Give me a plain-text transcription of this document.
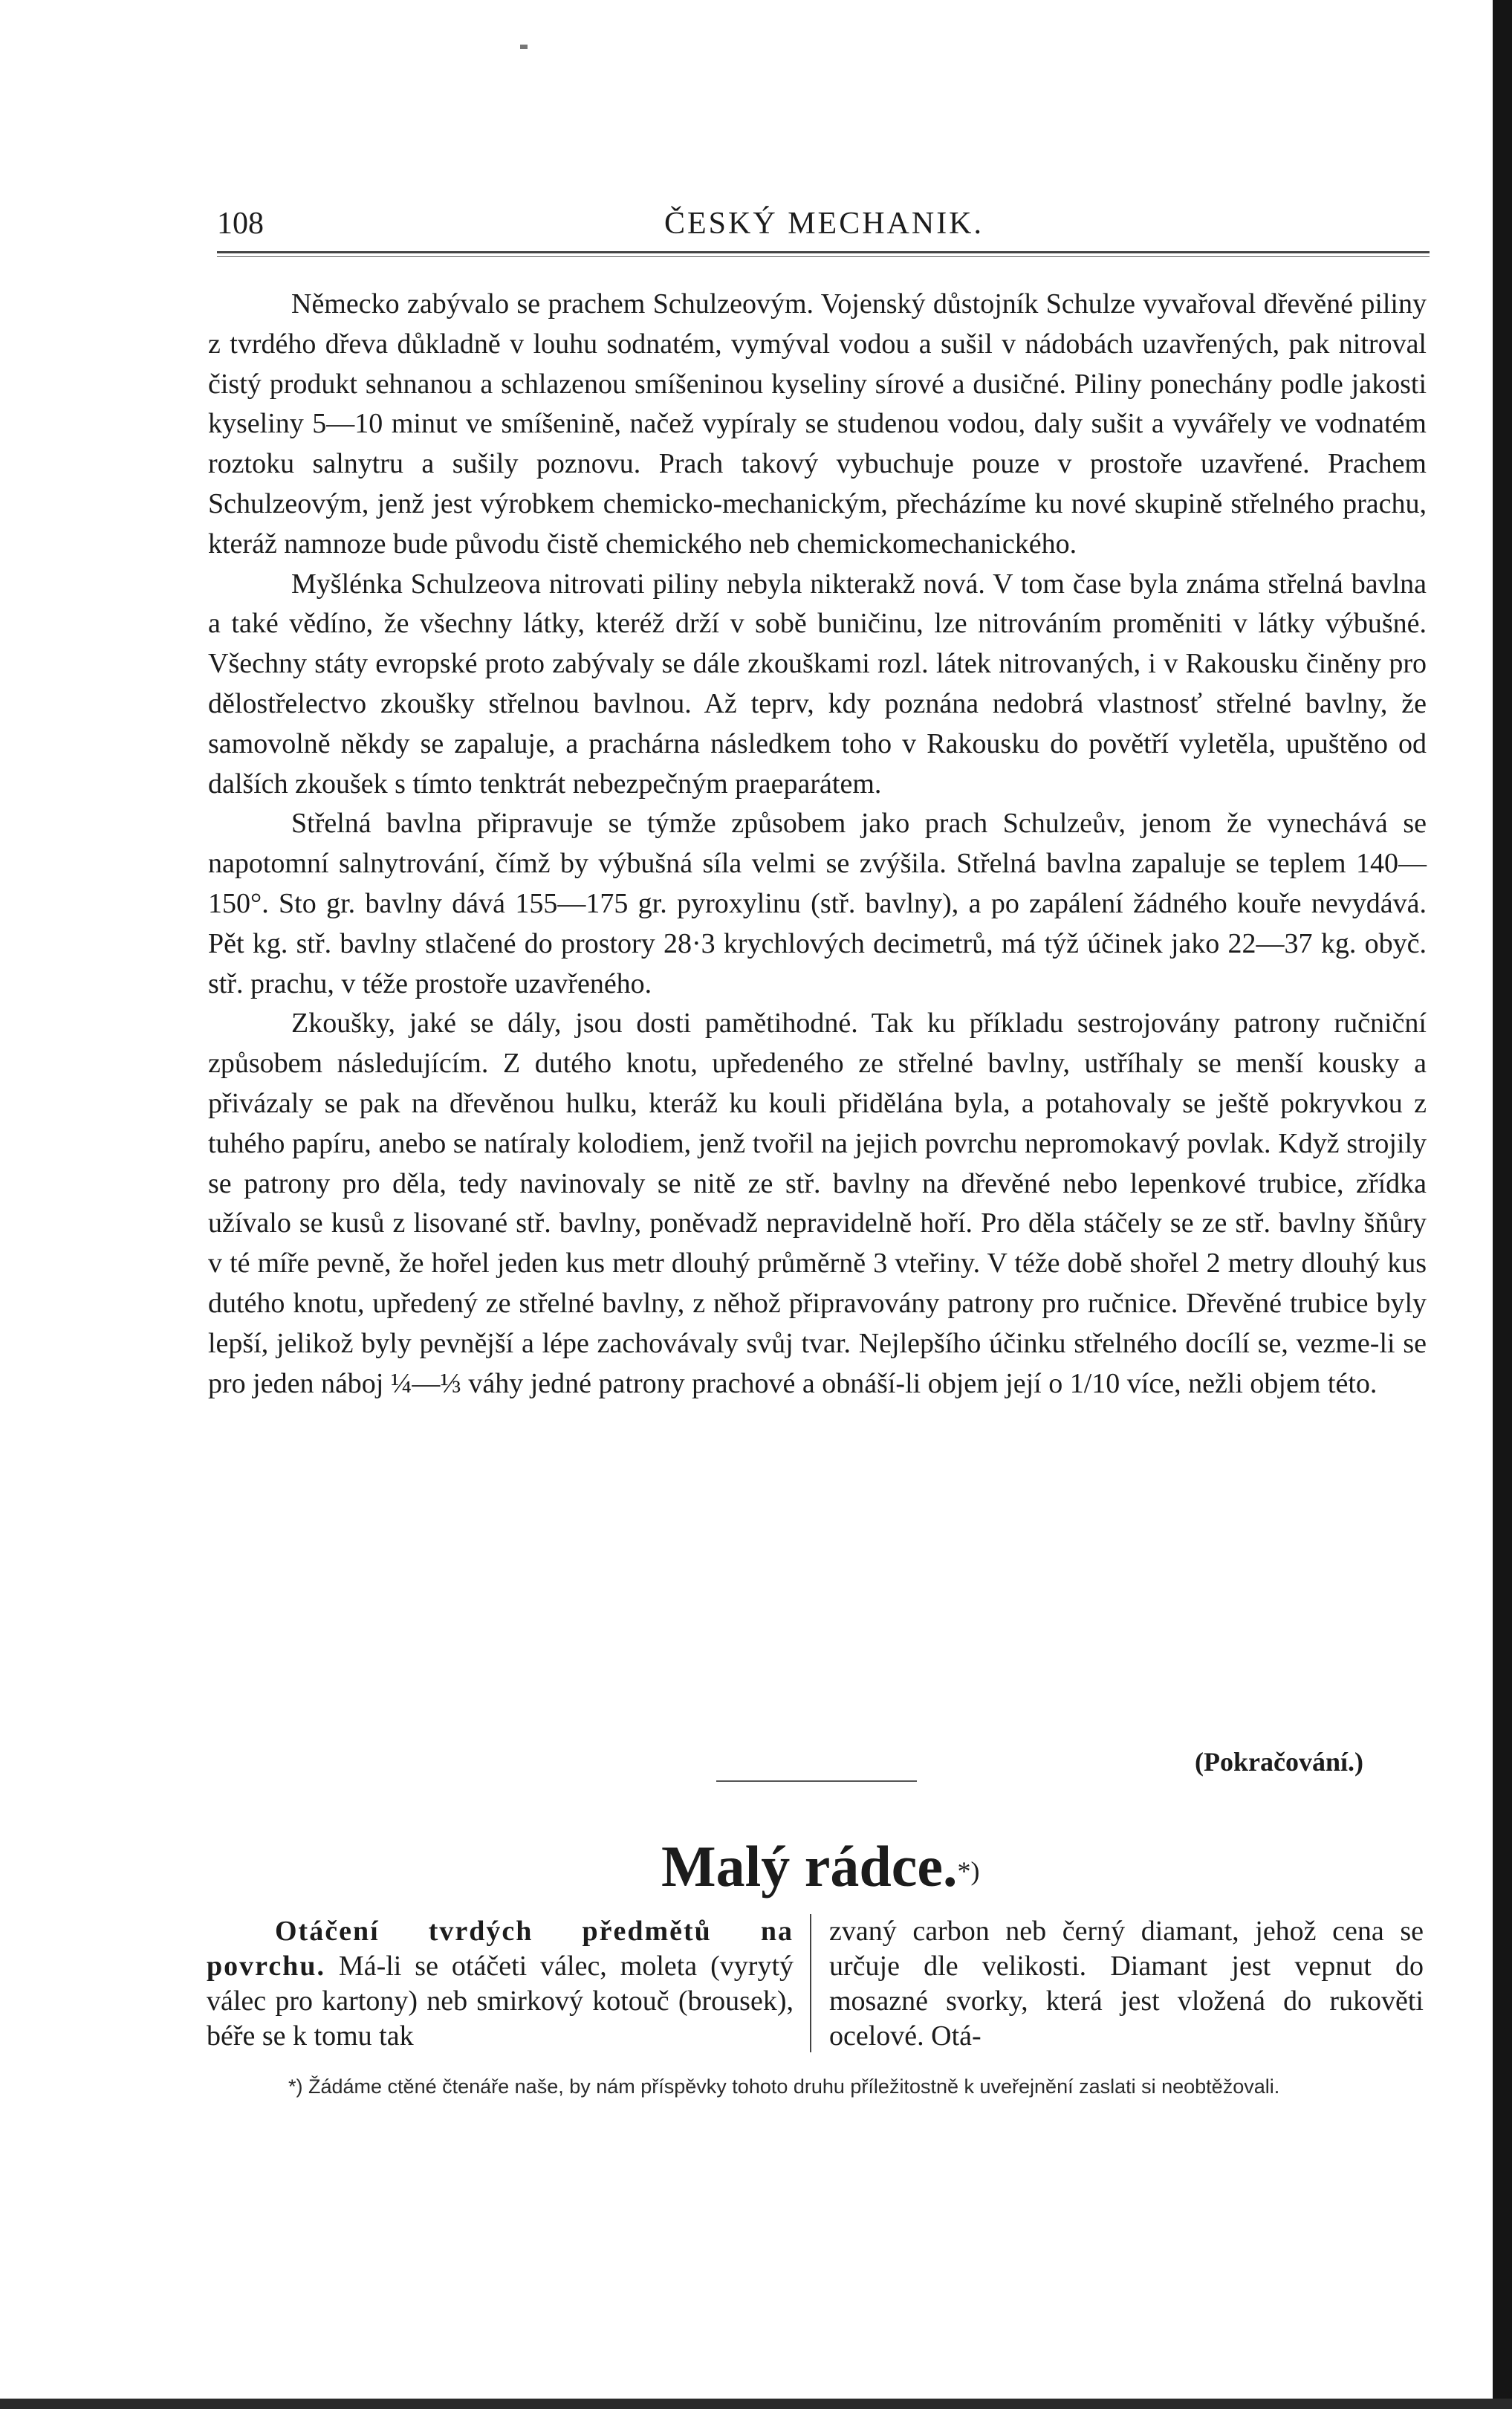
108	ČESKÝ MECHANIK.

Německo zabývalo se prachem Schulzeovým. Vojenský důstojník Schulze vyvařoval dřevěné piliny z tvrdého dřeva důkladně v louhu sodnatém, vymýval vodou a sušil v nádobách uzavřených, pak nitroval čistý produkt sehnanou a schlazenou smíšeninou kyseliny sírové a dusičné. Piliny ponechány podle jakosti kyseliny 5—10 minut ve smíšenině, načež vypíraly se studenou vodou, daly sušit a vyvářely ve vodnatém roztoku salnytru a sušily poznovu. Prach takový vybuchuje pouze v prostoře uzavřené. Prachem Schulzeovým, jenž jest výrobkem chemicko-mechanickým, přecházíme ku nové skupině střelného prachu, kteráž namnoze bude původu čistě chemického neb chemickomechanického.

Myšlénka Schulzeova nitrovati piliny nebyla nikterakž nová. V tom čase byla známa střelná bavlna a také vědíno, že všechny látky, kteréž drží v sobě buničinu, lze nitrováním proměniti v látky výbušné. Všechny státy evropské proto zabývaly se dále zkouškami rozl. látek nitrovaných, i v Rakousku činěny pro dělostřelectvo zkoušky střelnou bavlnou. Až teprv, kdy poznána nedobrá vlastnosť střelné bavlny, že samovolně někdy se zapaluje, a prachárna následkem toho v Rakousku do povětří vyletěla, upuštěno od dalších zkoušek s tímto tenktrát nebezpečným praeparátem.

Střelná bavlna připravuje se týmže způsobem jako prach Schulzeův, jenom že vynechává se napotomní salnytrování, čímž by výbušná síla velmi se zvýšila. Střelná bavlna zapaluje se teplem 140—150°. Sto gr. bavlny dává 155—175 gr. pyroxylinu (stř. bavlny), a po zapálení žádného kouře nevydává. Pět kg. stř. bavlny stlačené do prostory 28·3 krychlových decimetrů, má týž účinek jako 22—37 kg. obyč. stř. prachu, v téže prostoře uzavřeného.

Zkoušky, jaké se dály, jsou dosti pamětihodné. Tak ku příkladu sestrojovány patrony ručniční způsobem následujícím. Z dutého knotu, upředeného ze střelné bavlny, ustříhaly se menší kousky a přivázaly se pak na dřevěnou hulku, kteráž ku kouli přidělána byla, a potahovaly se ještě pokryvkou z tuhého papíru, anebo se natíraly kolodiem, jenž tvořil na jejich povrchu nepromokavý povlak. Když strojily se patrony pro děla, tedy navinovaly se nitě ze stř. bavlny na dřevěné nebo lepenkové trubice, zřídka užívalo se kusů z lisované stř. bavlny, poněvadž nepravidelně hoří. Pro děla stáčely se ze stř. bavlny šňůry v té míře pevně, že hořel jeden kus metr dlouhý průměrně 3 vteřiny. V téže době shořel 2 metry dlouhý kus dutého knotu, upředený ze střelné bavlny, z něhož připravovány patrony pro ručnice. Dřevěné trubice byly lepší, jelikož byly pevnější a lépe zachovávaly svůj tvar. Nejlepšího účinku střelného docílí se, vezme-li se pro jeden náboj ¼—⅓ váhy jedné patrony prachové a obnáší-li objem její o 1/10 více, nežli objem této.

(Pokračování.)
Malý rádce.*)

Otáčení tvrdých předmětů na povrchu. Má-li se otáčeti válec, moleta (vyrytý válec pro kartony) neb smirkový kotouč (brousek), béře se k tomu tak

zvaný carbon neb černý diamant, jehož cena se určuje dle velikosti. Diamant jest vepnut do mosazné svorky, která jest vložená do rukověti ocelové. Otá-

*) Žádáme ctěné čtenáře naše, by nám příspěvky tohoto druhu příležitostně k uveřejnění zaslati si neobtěžovali.
